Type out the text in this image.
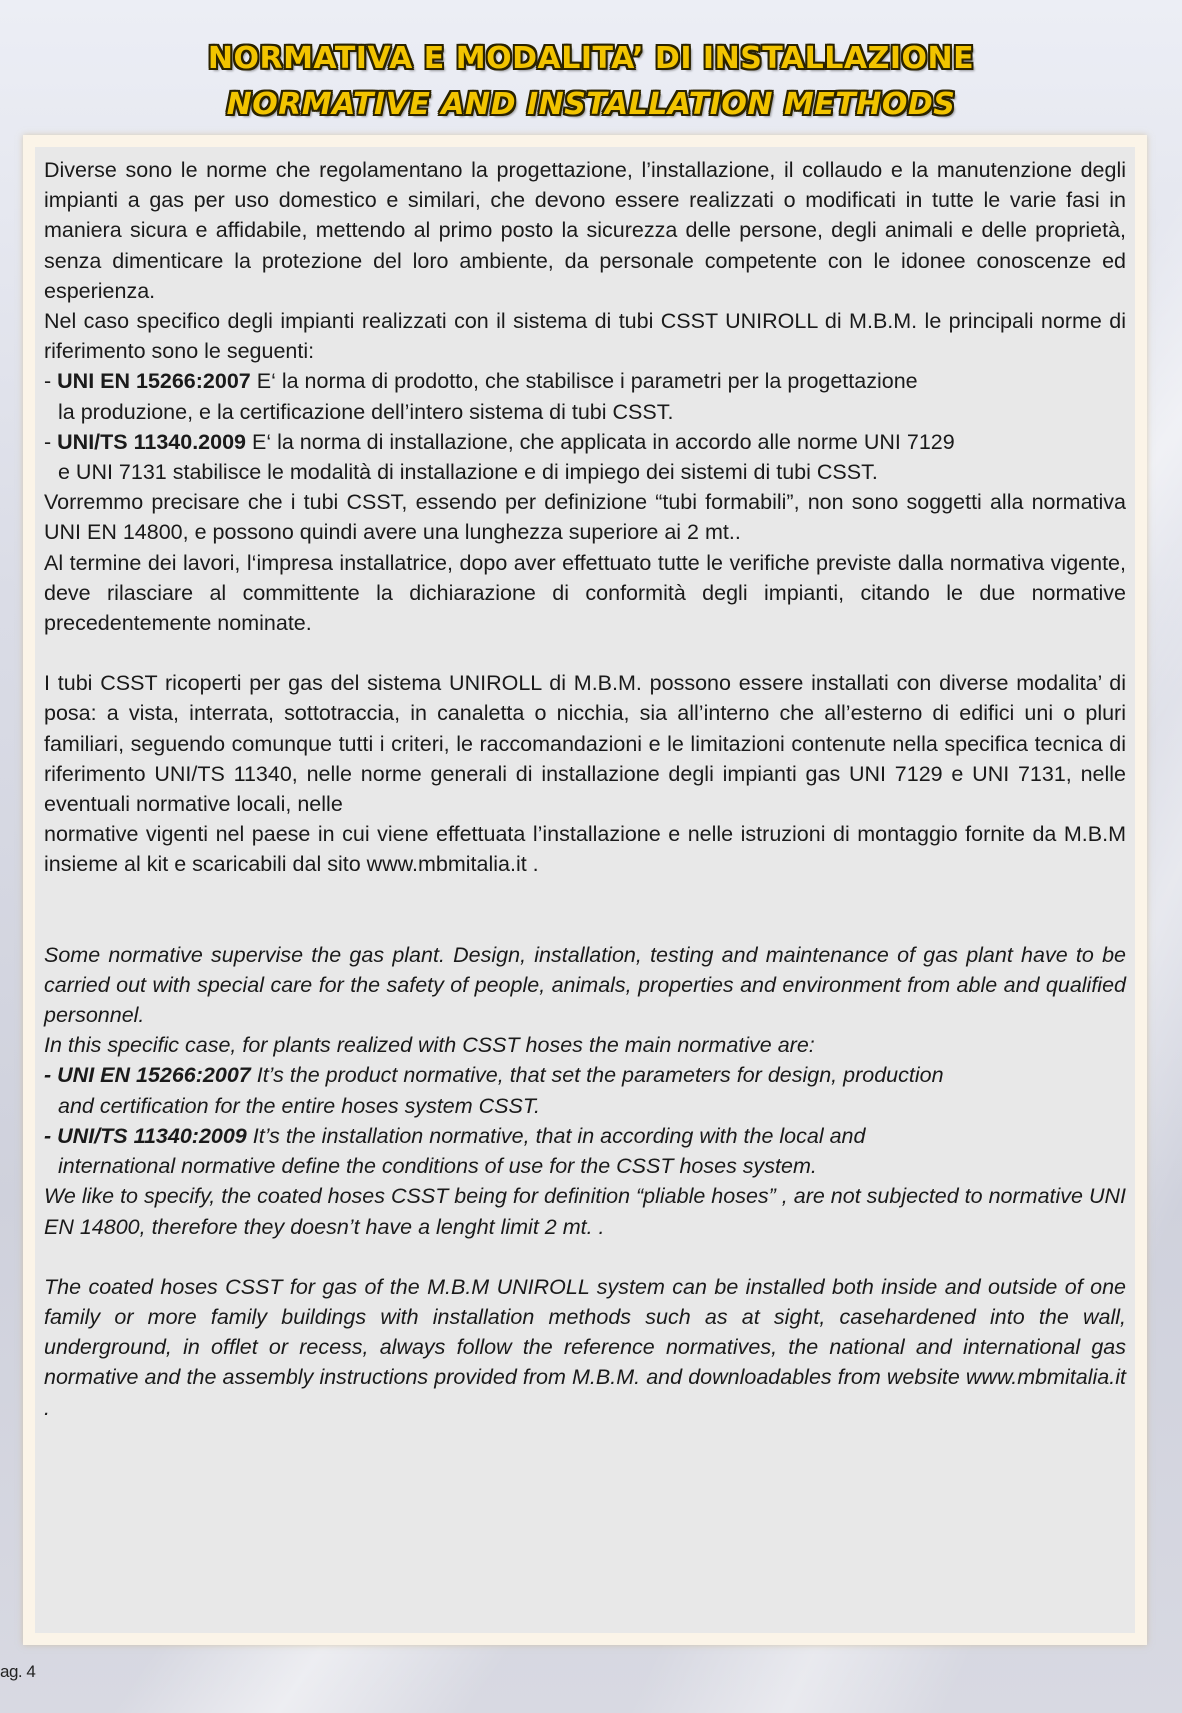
NORMATIVA E MODALITA’ DI INSTALLAZIONE
NORMATIVE AND INSTALLATION METHODS

Diverse sono le norme che regolamentano la progettazione, l’installazione, il collaudo e la manutenzione degli impianti a gas per uso domestico e similari, che devono essere realizzati o modificati in tutte le varie fasi in maniera sicura e affidabile, mettendo al primo posto la sicurezza delle persone, degli animali e delle proprietà, senza dimenticare la protezione del loro ambiente, da personale competente con le idonee conoscenze ed esperienza.

Nel caso specifico degli impianti realizzati con il sistema di tubi CSST UNIROLL di M.B.M. le principali norme di riferimento sono le seguenti:

- UNI EN 15266:2007 E‘ la norma di prodotto, che stabilisce i parametri per la progettazione

la produzione, e la certificazione dell’intero sistema di tubi CSST.

- UNI/TS 11340.2009 E‘ la norma di installazione, che applicata in accordo alle norme UNI 7129

e UNI 7131 stabilisce le modalità di installazione e di impiego dei sistemi di tubi CSST.

Vorremmo precisare che i tubi CSST, essendo per definizione “tubi formabili”, non sono soggetti alla normativa UNI EN 14800, e possono quindi avere una lunghezza superiore ai 2 mt..

Al termine dei lavori, l‘impresa installatrice, dopo aver effettuato tutte le verifiche previste dalla normativa vigente, deve rilasciare al committente la dichiarazione di conformità degli impianti, citando le due normative precedentemente nominate.

I tubi CSST ricoperti per gas del sistema UNIROLL di M.B.M. possono essere installati con diverse modalita’ di posa: a vista, interrata, sottotraccia, in canaletta o nicchia, sia all’interno che all’esterno di edifici uni o pluri familiari, seguendo comunque tutti i criteri, le raccomandazioni e le limitazioni contenute nella specifica tecnica di riferimento UNI/TS 11340, nelle norme generali di installazione degli impianti gas UNI 7129 e UNI 7131, nelle eventuali normative locali, nelle

normative vigenti nel paese in cui viene effettuata l’installazione e nelle istruzioni di montaggio fornite da M.B.M insieme al kit e scaricabili dal sito www.mbmitalia.it .

Some normative supervise the gas plant. Design, installation, testing and maintenance of gas plant have to be carried out with special care for the safety of people, animals, properties and environment from able and qualified personnel.

In this specific case, for plants realized with CSST hoses the main normative are:

- UNI EN 15266:2007 It’s the product normative, that set the parameters for design, production

and certification for the entire hoses system CSST.

- UNI/TS 11340:2009 It’s the installation normative, that in according with the local and

international normative define the conditions of use for the CSST hoses system.

We like to specify, the coated hoses CSST being for definition “pliable hoses” , are not subjected to normative UNI EN 14800, therefore they doesn’t have a lenght limit 2 mt. .

The coated hoses CSST for gas of the M.B.M UNIROLL system can be installed both inside and outside of one family or more family buildings with installation methods such as at sight, casehardened into the wall, underground, in offlet or recess, always follow the reference normatives, the national and international gas normative and the assembly instructions provided from M.B.M. and downloadables from website www.mbmitalia.it .

ag. 4
